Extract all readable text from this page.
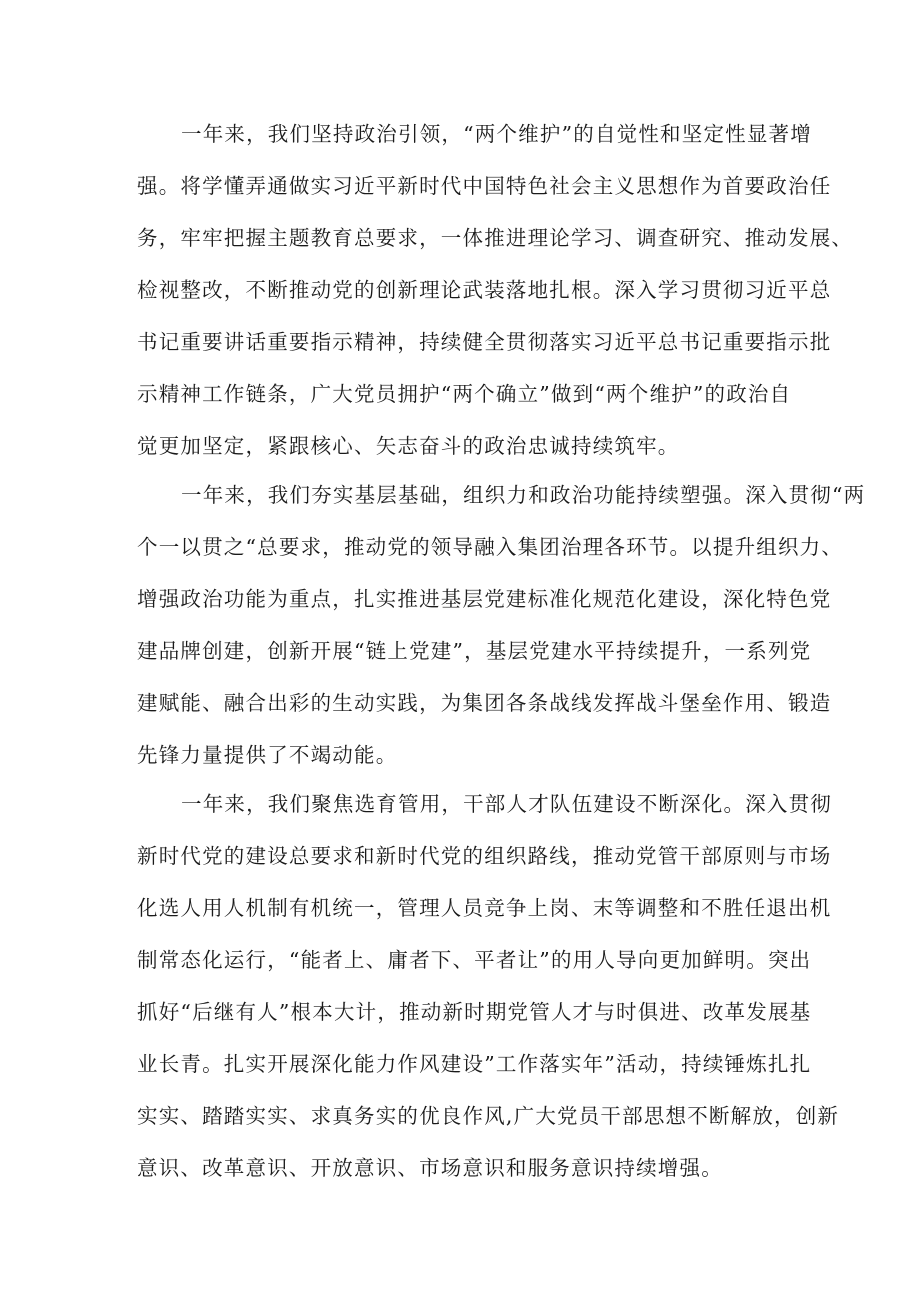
一年来，我们坚持政治引领，“两个维护”的自觉性和坚定性显著增
强。将学懂弄通做实习近平新时代中国特色社会主义思想作为首要政治任
务，牢牢把握主题教育总要求，一体推进理论学习、调查研究、推动发展、
检视整改，不断推动党的创新理论武装落地扎根。深入学习贯彻习近平总
书记重要讲话重要指示精神，持续健全贯彻落实习近平总书记重要指示批
示精神工作链条，广大党员拥护“两个确立”做到“两个维护”的政治自
觉更加坚定，紧跟核心、矢志奋斗的政治忠诚持续筑牢。

一年来，我们夯实基层基础，组织力和政治功能持续塑强。深入贯彻“两
个一以贯之“总要求，推动党的领导融入集团治理各环节。以提升组织力、
增强政治功能为重点，扎实推进基层党建标准化规范化建设，深化特色党
建品牌创建，创新开展“链上党建”，基层党建水平持续提升，一系列党
建赋能、融合出彩的生动实践，为集团各条战线发挥战斗堡垒作用、锻造
先锋力量提供了不竭动能。

一年来，我们聚焦选育管用，干部人才队伍建设不断深化。深入贯彻
新时代党的建设总要求和新时代党的组织路线，推动党管干部原则与市场
化选人用人机制有机统一，管理人员竞争上岗、末等调整和不胜任退出机
制常态化运行，“能者上、庸者下、平者让”的用人导向更加鲜明。突出
抓好“后继有人”根本大计，推动新时期党管人才与时俱进、改革发展基
业长青。扎实开展深化能力作风建设”工作落实年”活动，持续锤炼扎扎
实实、踏踏实实、求真务实的优良作风,广大党员干部思想不断解放，创新
意识、改革意识、开放意识、市场意识和服务意识持续增强。
